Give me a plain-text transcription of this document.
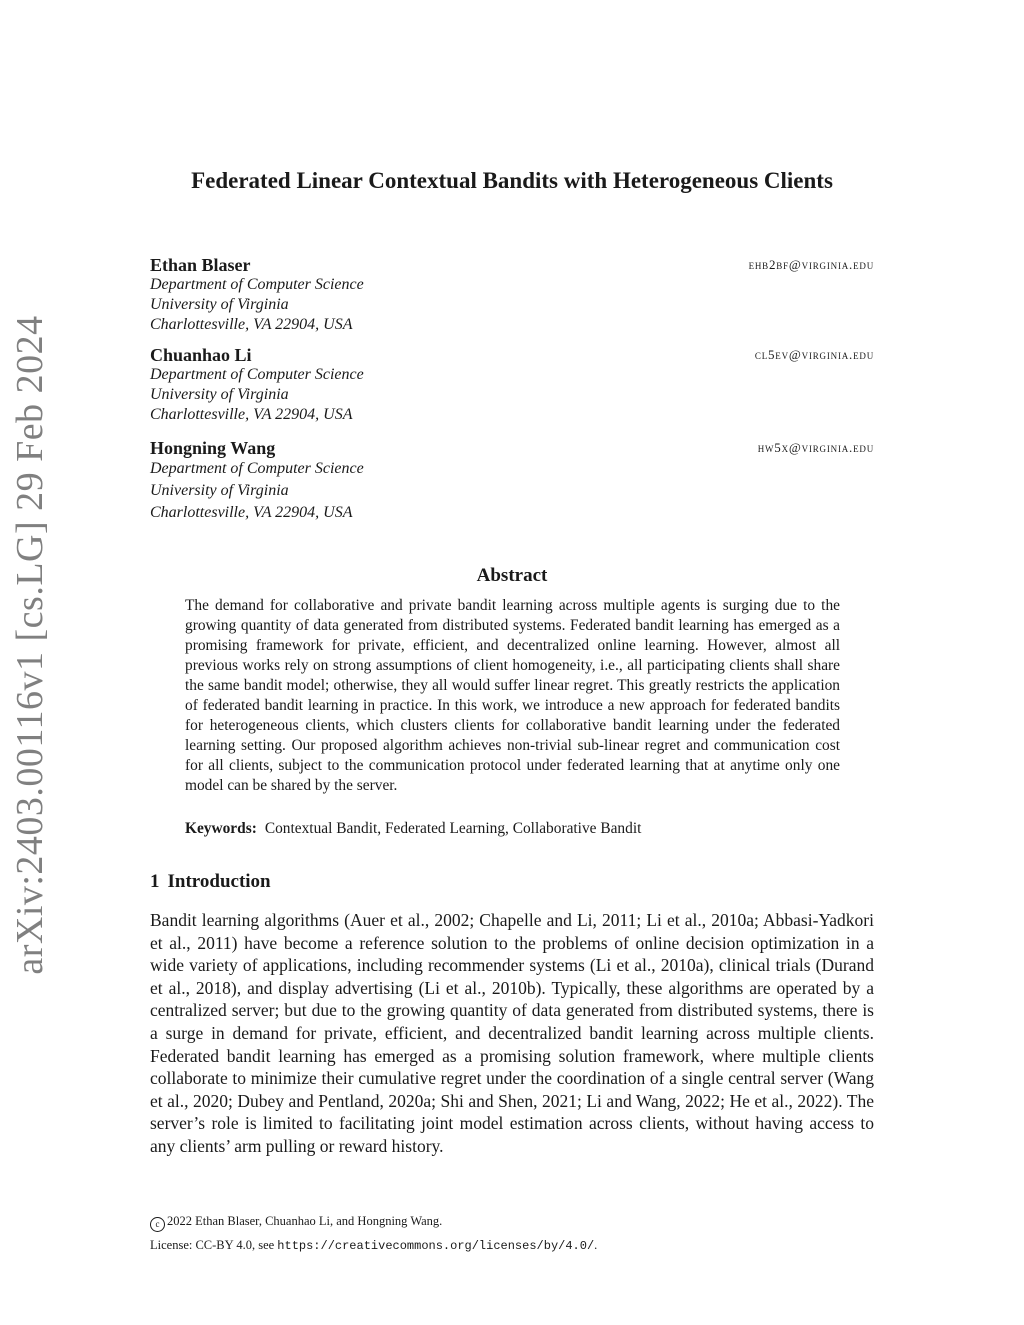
arXiv:2403.00116v1 [cs.LG] 29 Feb 2024
Federated Linear Contextual Bandits with Heterogeneous Clients
Ethan Blaser	ehb2bf@virginia.edu
Department of Computer Science
University of Virginia
Charlottesville, VA 22904, USA
Chuanhao Li	cl5ev@virginia.edu
Department of Computer Science
University of Virginia
Charlottesville, VA 22904, USA
Hongning Wang	hw5x@virginia.edu
Department of Computer Science
University of Virginia
Charlottesville, VA 22904, USA
Abstract
The demand for collaborative and private bandit learning across multiple agents is surging due to the growing quantity of data generated from distributed systems. Federated bandit learning has emerged as a promising framework for private, efficient, and decentralized online learning. However, almost all previous works rely on strong assumptions of client homogeneity, i.e., all participating clients shall share the same bandit model; otherwise, they all would suffer linear regret. This greatly restricts the application of federated bandit learning in practice. In this work, we introduce a new approach for federated bandits for heterogeneous clients, which clusters clients for collaborative bandit learning under the federated learning setting. Our proposed algorithm achieves non-trivial sub-linear regret and communication cost for all clients, subject to the communication protocol under federated learning that at anytime only one model can be shared by the server.
Keywords: Contextual Bandit, Federated Learning, Collaborative Bandit
1 Introduction
Bandit learning algorithms (Auer et al., 2002; Chapelle and Li, 2011; Li et al., 2010a; Abbasi-Yadkori et al., 2011) have become a reference solution to the problems of online decision optimization in a wide variety of applications, including recommender systems (Li et al., 2010a), clinical trials (Durand et al., 2018), and display advertising (Li et al., 2010b). Typically, these algorithms are operated by a centralized server; but due to the growing quantity of data generated from distributed systems, there is a surge in demand for private, efficient, and decentralized bandit learning across multiple clients. Federated bandit learning has emerged as a promising solution framework, where multiple clients collaborate to minimize their cumulative regret under the coordination of a single central server (Wang et al., 2020; Dubey and Pentland, 2020a; Shi and Shen, 2021; Li and Wang, 2022; He et al., 2022). The server’s role is limited to facilitating joint model estimation across clients, without having access to any clients’ arm pulling or reward history.
c 2022 Ethan Blaser, Chuanhao Li, and Hongning Wang.
License: CC-BY 4.0, see https://creativecommons.org/licenses/by/4.0/.
